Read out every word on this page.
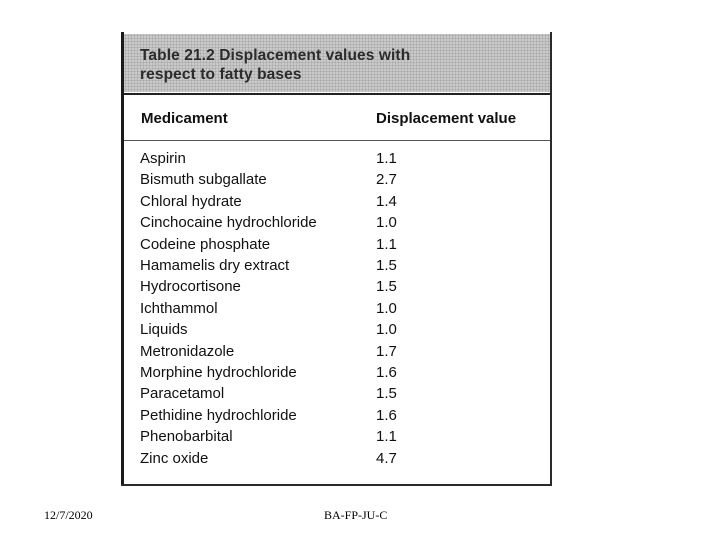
Table 21.2 Displacement values with
respect to fatty bases
Medicament	Displacement value
Aspirin	1.1
Bismuth subgallate	2.7
Chloral hydrate	1.4
Cinchocaine hydrochloride	1.0
Codeine phosphate	1.1
Hamamelis dry extract	1.5
Hydrocortisone	1.5
Ichthammol	1.0
Liquids	1.0
Metronidazole	1.7
Morphine hydrochloride	1.6
Paracetamol	1.5
Pethidine hydrochloride	1.6
Phenobarbital	1.1
Zinc oxide	4.7
12/7/2020	BA-FP-JU-C
